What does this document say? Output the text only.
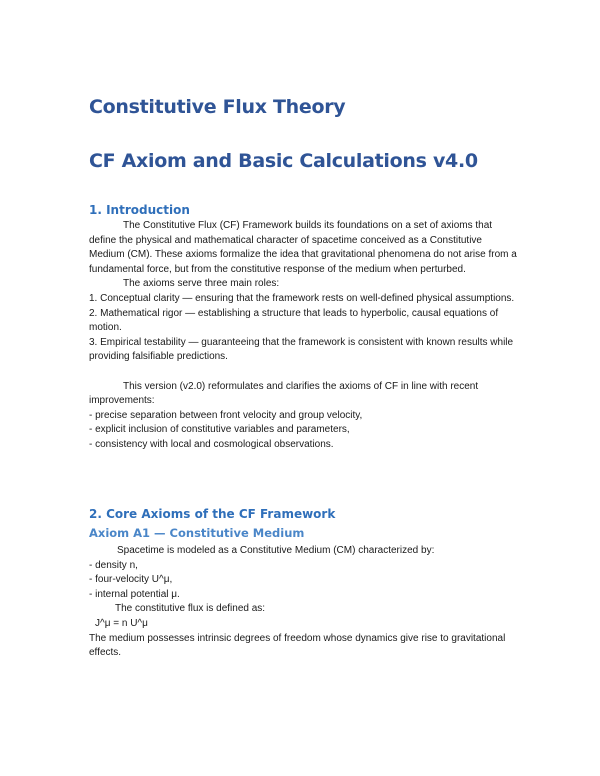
Constitutive Flux Theory
CF Axiom and Basic Calculations v4.0
1. Introduction

The Constitutive Flux (CF) Framework builds its foundations on a set of axioms that define the physical and mathematical character of spacetime conceived as a Constitutive Medium (CM). These axioms formalize the idea that gravitational phenomena do not arise from a fundamental force, but from the constitutive response of the medium when perturbed.

The axioms serve three main roles:

1. Conceptual clarity — ensuring that the framework rests on well-defined physical assumptions.

2. Mathematical rigor — establishing a structure that leads to hyperbolic, causal equations of motion.

3. Empirical testability — guaranteeing that the framework is consistent with known results while providing falsifiable predictions.

This version (v2.0) reformulates and clarifies the axioms of CF in line with recent improvements:

- precise separation between front velocity and group velocity,

- explicit inclusion of constitutive variables and parameters,

- consistency with local and cosmological observations.

2. Core Axioms of the CF Framework
Axiom A1 — Constitutive Medium

Spacetime is modeled as a Constitutive Medium (CM) characterized by:

- density n,

- four-velocity U^μ,

- internal potential μ.

The constitutive flux is defined as:

J^μ = n U^μ

The medium possesses intrinsic degrees of freedom whose dynamics give rise to gravitational effects.
